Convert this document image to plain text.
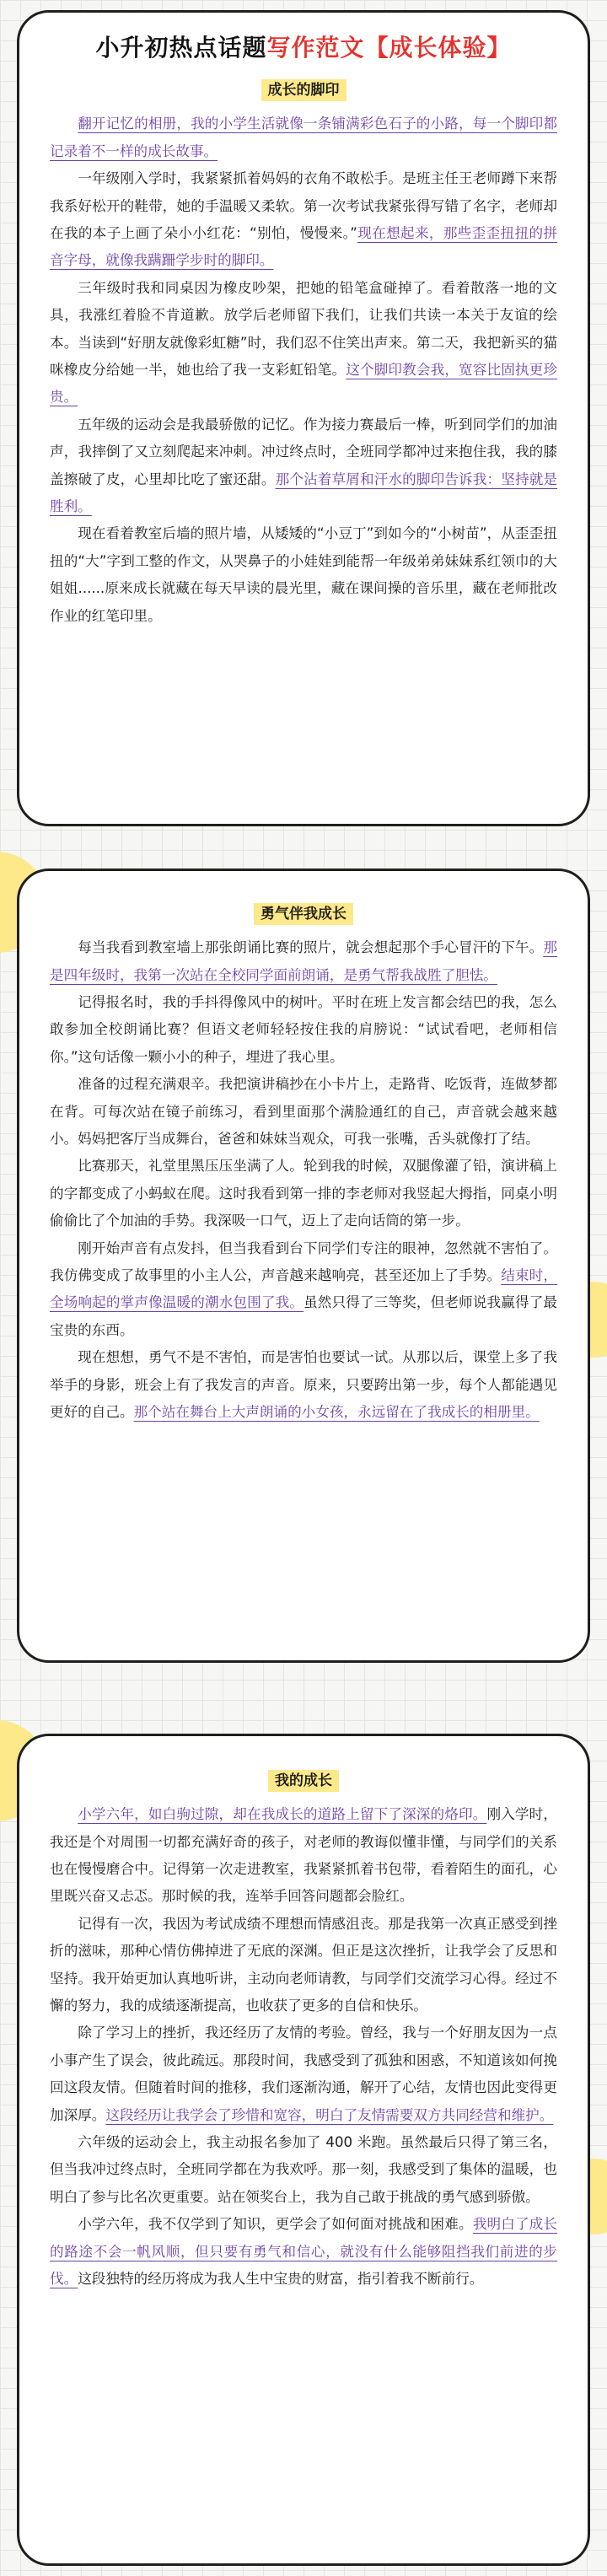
小升初热点话题写作范文【成长体验】
成长的脚印

翻开记忆的相册，我的小学生活就像一条铺满彩色石子的小路，每一个脚印都记录着不一样的成长故事。

一年级刚入学时，我紧紧抓着妈妈的衣角不敢松手。是班主任王老师蹲下来帮我系好松开的鞋带，她的手温暖又柔软。第一次考试我紧张得写错了名字，老师却在我的本子上画了朵小小红花：“别怕，慢慢来。”现在想起来，那些歪歪扭扭的拼音字母，就像我蹒跚学步时的脚印。

三年级时我和同桌因为橡皮吵架，把她的铅笔盒碰掉了。看着散落一地的文具，我涨红着脸不肯道歉。放学后老师留下我们，让我们共读一本关于友谊的绘本。当读到“好朋友就像彩虹糖”时，我们忍不住笑出声来。第二天，我把新买的猫咪橡皮分给她一半，她也给了我一支彩虹铅笔。这个脚印教会我，宽容比固执更珍贵。

五年级的运动会是我最骄傲的记忆。作为接力赛最后一棒，听到同学们的加油声，我摔倒了又立刻爬起来冲刺。冲过终点时，全班同学都冲过来抱住我，我的膝盖擦破了皮，心里却比吃了蜜还甜。那个沾着草屑和汗水的脚印告诉我：坚持就是胜利。

现在看着教室后墙的照片墙，从矮矮的“小豆丁”到如今的“小树苗”，从歪歪扭扭的“大”字到工整的作文，从哭鼻子的小娃娃到能帮一年级弟弟妹妹系红领巾的大姐姐......原来成长就藏在每天早读的晨光里，藏在课间操的音乐里，藏在老师批改作业的红笔印里。

勇气伴我成长

每当我看到教室墙上那张朗诵比赛的照片，就会想起那个手心冒汗的下午。那是四年级时，我第一次站在全校同学面前朗诵，是勇气帮我战胜了胆怯。

记得报名时，我的手抖得像风中的树叶。平时在班上发言都会结巴的我，怎么敢参加全校朗诵比赛？但语文老师轻轻按住我的肩膀说：“试试看吧，老师相信你。”这句话像一颗小小的种子，埋进了我心里。

准备的过程充满艰辛。我把演讲稿抄在小卡片上，走路背、吃饭背，连做梦都在背。可每次站在镜子前练习，看到里面那个满脸通红的自己，声音就会越来越小。妈妈把客厅当成舞台，爸爸和妹妹当观众，可我一张嘴，舌头就像打了结。

比赛那天，礼堂里黑压压坐满了人。轮到我的时候，双腿像灌了铅，演讲稿上的字都变成了小蚂蚁在爬。这时我看到第一排的李老师对我竖起大拇指，同桌小明偷偷比了个加油的手势。我深吸一口气，迈上了走向话筒的第一步。

刚开始声音有点发抖，但当我看到台下同学们专注的眼神，忽然就不害怕了。我仿佛变成了故事里的小主人公，声音越来越响亮，甚至还加上了手势。结束时，全场响起的掌声像温暖的潮水包围了我。虽然只得了三等奖，但老师说我赢得了最宝贵的东西。

现在想想，勇气不是不害怕，而是害怕也要试一试。从那以后，课堂上多了我举手的身影，班会上有了我发言的声音。原来，只要跨出第一步，每个人都能遇见更好的自己。那个站在舞台上大声朗诵的小女孩，永远留在了我成长的相册里。

我的成长

小学六年，如白驹过隙，却在我成长的道路上留下了深深的烙印。刚入学时，我还是个对周围一切都充满好奇的孩子，对老师的教诲似懂非懂，与同学们的关系也在慢慢磨合中。记得第一次走进教室，我紧紧抓着书包带，看着陌生的面孔，心里既兴奋又忐忑。那时候的我，连举手回答问题都会脸红。

记得有一次，我因为考试成绩不理想而情感沮丧。那是我第一次真正感受到挫折的滋味，那种心情仿佛掉进了无底的深渊。但正是这次挫折，让我学会了反思和坚持。我开始更加认真地听讲，主动向老师请教，与同学们交流学习心得。经过不懈的努力，我的成绩逐渐提高，也收获了更多的自信和快乐。

除了学习上的挫折，我还经历了友情的考验。曾经，我与一个好朋友因为一点小事产生了误会，彼此疏远。那段时间，我感受到了孤独和困惑，不知道该如何挽回这段友情。但随着时间的推移，我们逐渐沟通，解开了心结，友情也因此变得更加深厚。这段经历让我学会了珍惜和宽容，明白了友情需要双方共同经营和维护。

六年级的运动会上，我主动报名参加了 400 米跑。虽然最后只得了第三名，但当我冲过终点时，全班同学都在为我欢呼。那一刻，我感受到了集体的温暖，也明白了参与比名次更重要。站在领奖台上，我为自己敢于挑战的勇气感到骄傲。

小学六年，我不仅学到了知识，更学会了如何面对挑战和困难。我明白了成长的路途不会一帆风顺，但只要有勇气和信心，就没有什么能够阻挡我们前进的步伐。这段独特的经历将成为我人生中宝贵的财富，指引着我不断前行。
